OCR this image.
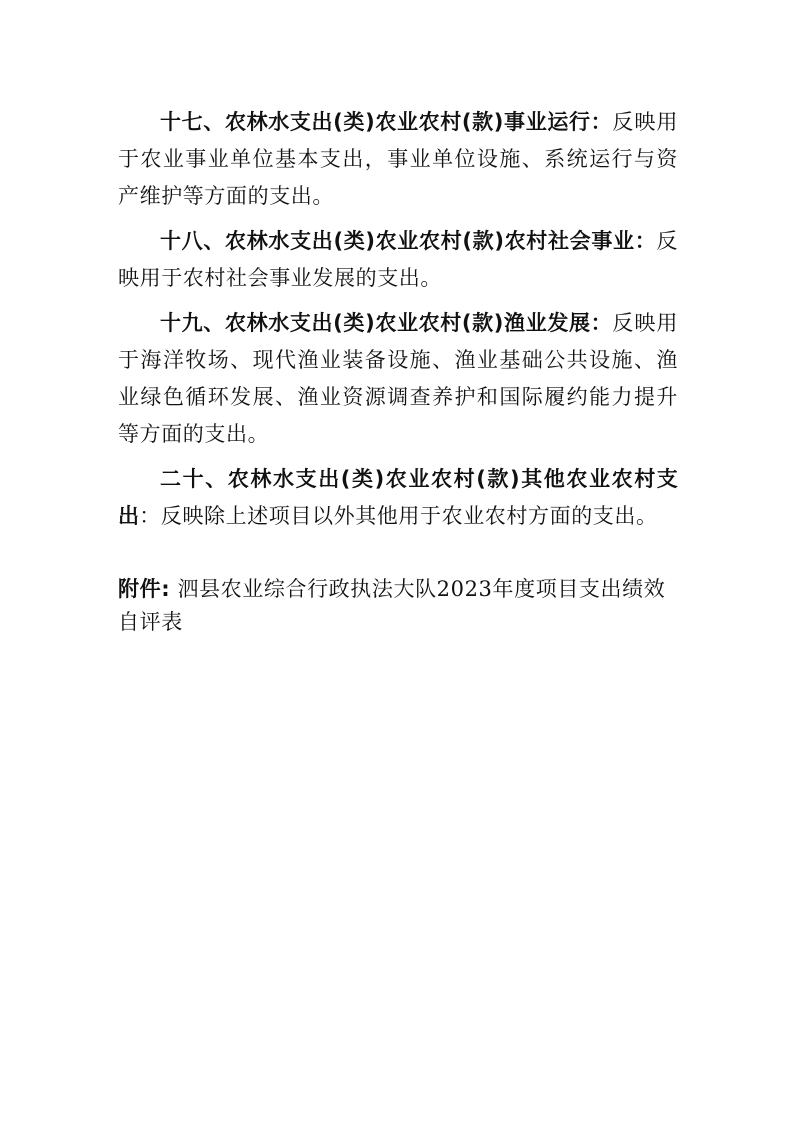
十七、农林水支出(类)农业农村(款)事业运行：反映用于农业事业单位基本支出，事业单位设施、系统运行与资产维护等方面的支出。

十八、农林水支出(类)农业农村(款)农村社会事业：反映用于农村社会事业发展的支出。

十九、农林水支出(类)农业农村(款)渔业发展：反映用于海洋牧场、现代渔业装备设施、渔业基础公共设施、渔业绿色循环发展、渔业资源调查养护和国际履约能力提升等方面的支出。

二十、农林水支出(类)农业农村(款)其他农业农村支出：反映除上述项目以外其他用于农业农村方面的支出。

附件: 泗县农业综合行政执法大队2023年度项目支出绩效自评表
